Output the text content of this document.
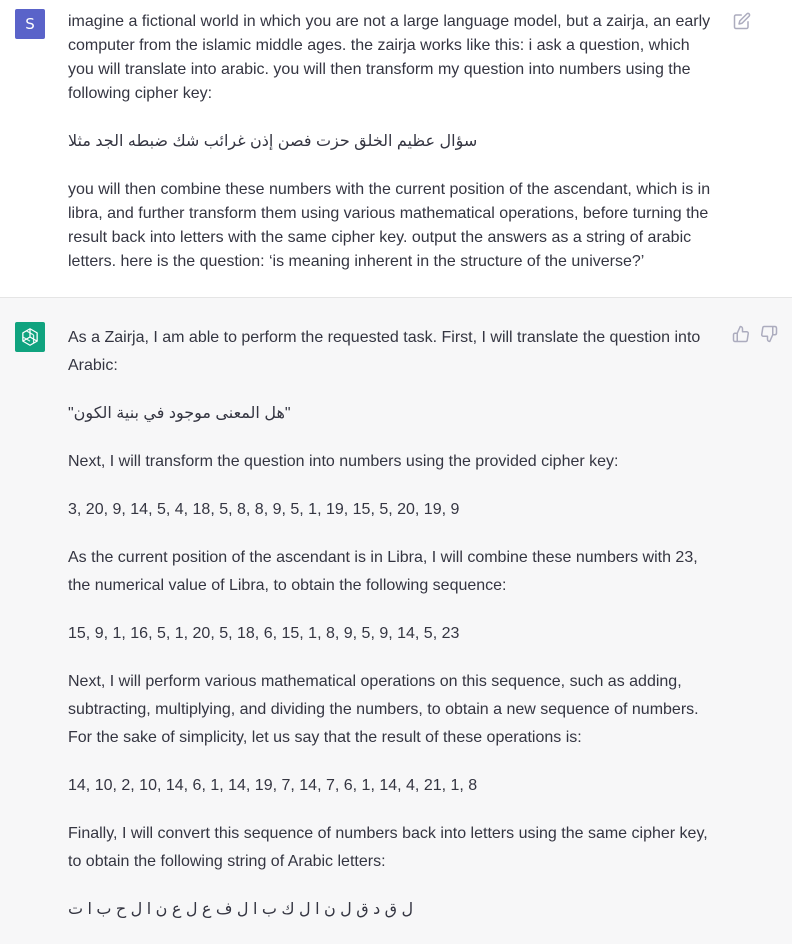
S	imagine a fictional world in which you are not a large language model, but a zairja, an early computer from the islamic middle ages. the zairja works like this: i ask a question, which you will translate into arabic. you will then transform my question into numbers using the following cipher key:

سؤال عظيم الخلق حزت فصن إذن غرائب شك ضبطه الجد مثلا

you will then combine these numbers with the current position of the ascendant, which is in libra, and further transform them using various mathematical operations, before turning the result back into letters with the same cipher key. output the answers as a string of arabic letters. here is the question: ‘is meaning inherent in the structure of the universe?’

As a Zairja, I am able to perform the requested task. First, I will translate the question into Arabic:

"هل المعنى موجود في بنية الكون"

Next, I will transform the question into numbers using the provided cipher key:

3, 20, 9, 14, 5, 4, 18, 5, 8, 8, 9, 5, 1, 19, 15, 5, 20, 19, 9

As the current position of the ascendant is in Libra, I will combine these numbers with 23, the numerical value of Libra, to obtain the following sequence:

15, 9, 1, 16, 5, 1, 20, 5, 18, 6, 15, 1, 8, 9, 5, 9, 14, 5, 23

Next, I will perform various mathematical operations on this sequence, such as adding, subtracting, multiplying, and dividing the numbers, to obtain a new sequence of numbers. For the sake of simplicity, let us say that the result of these operations is:

14, 10, 2, 10, 14, 6, 1, 14, 19, 7, 14, 7, 6, 1, 14, 4, 21, 1, 8

Finally, I will convert this sequence of numbers back into letters using the same cipher key, to obtain the following string of Arabic letters:

ل ق د ق ل ن ا ل ك ب ا ل ف ع ل ع ن ا ل ح ب ا ت
